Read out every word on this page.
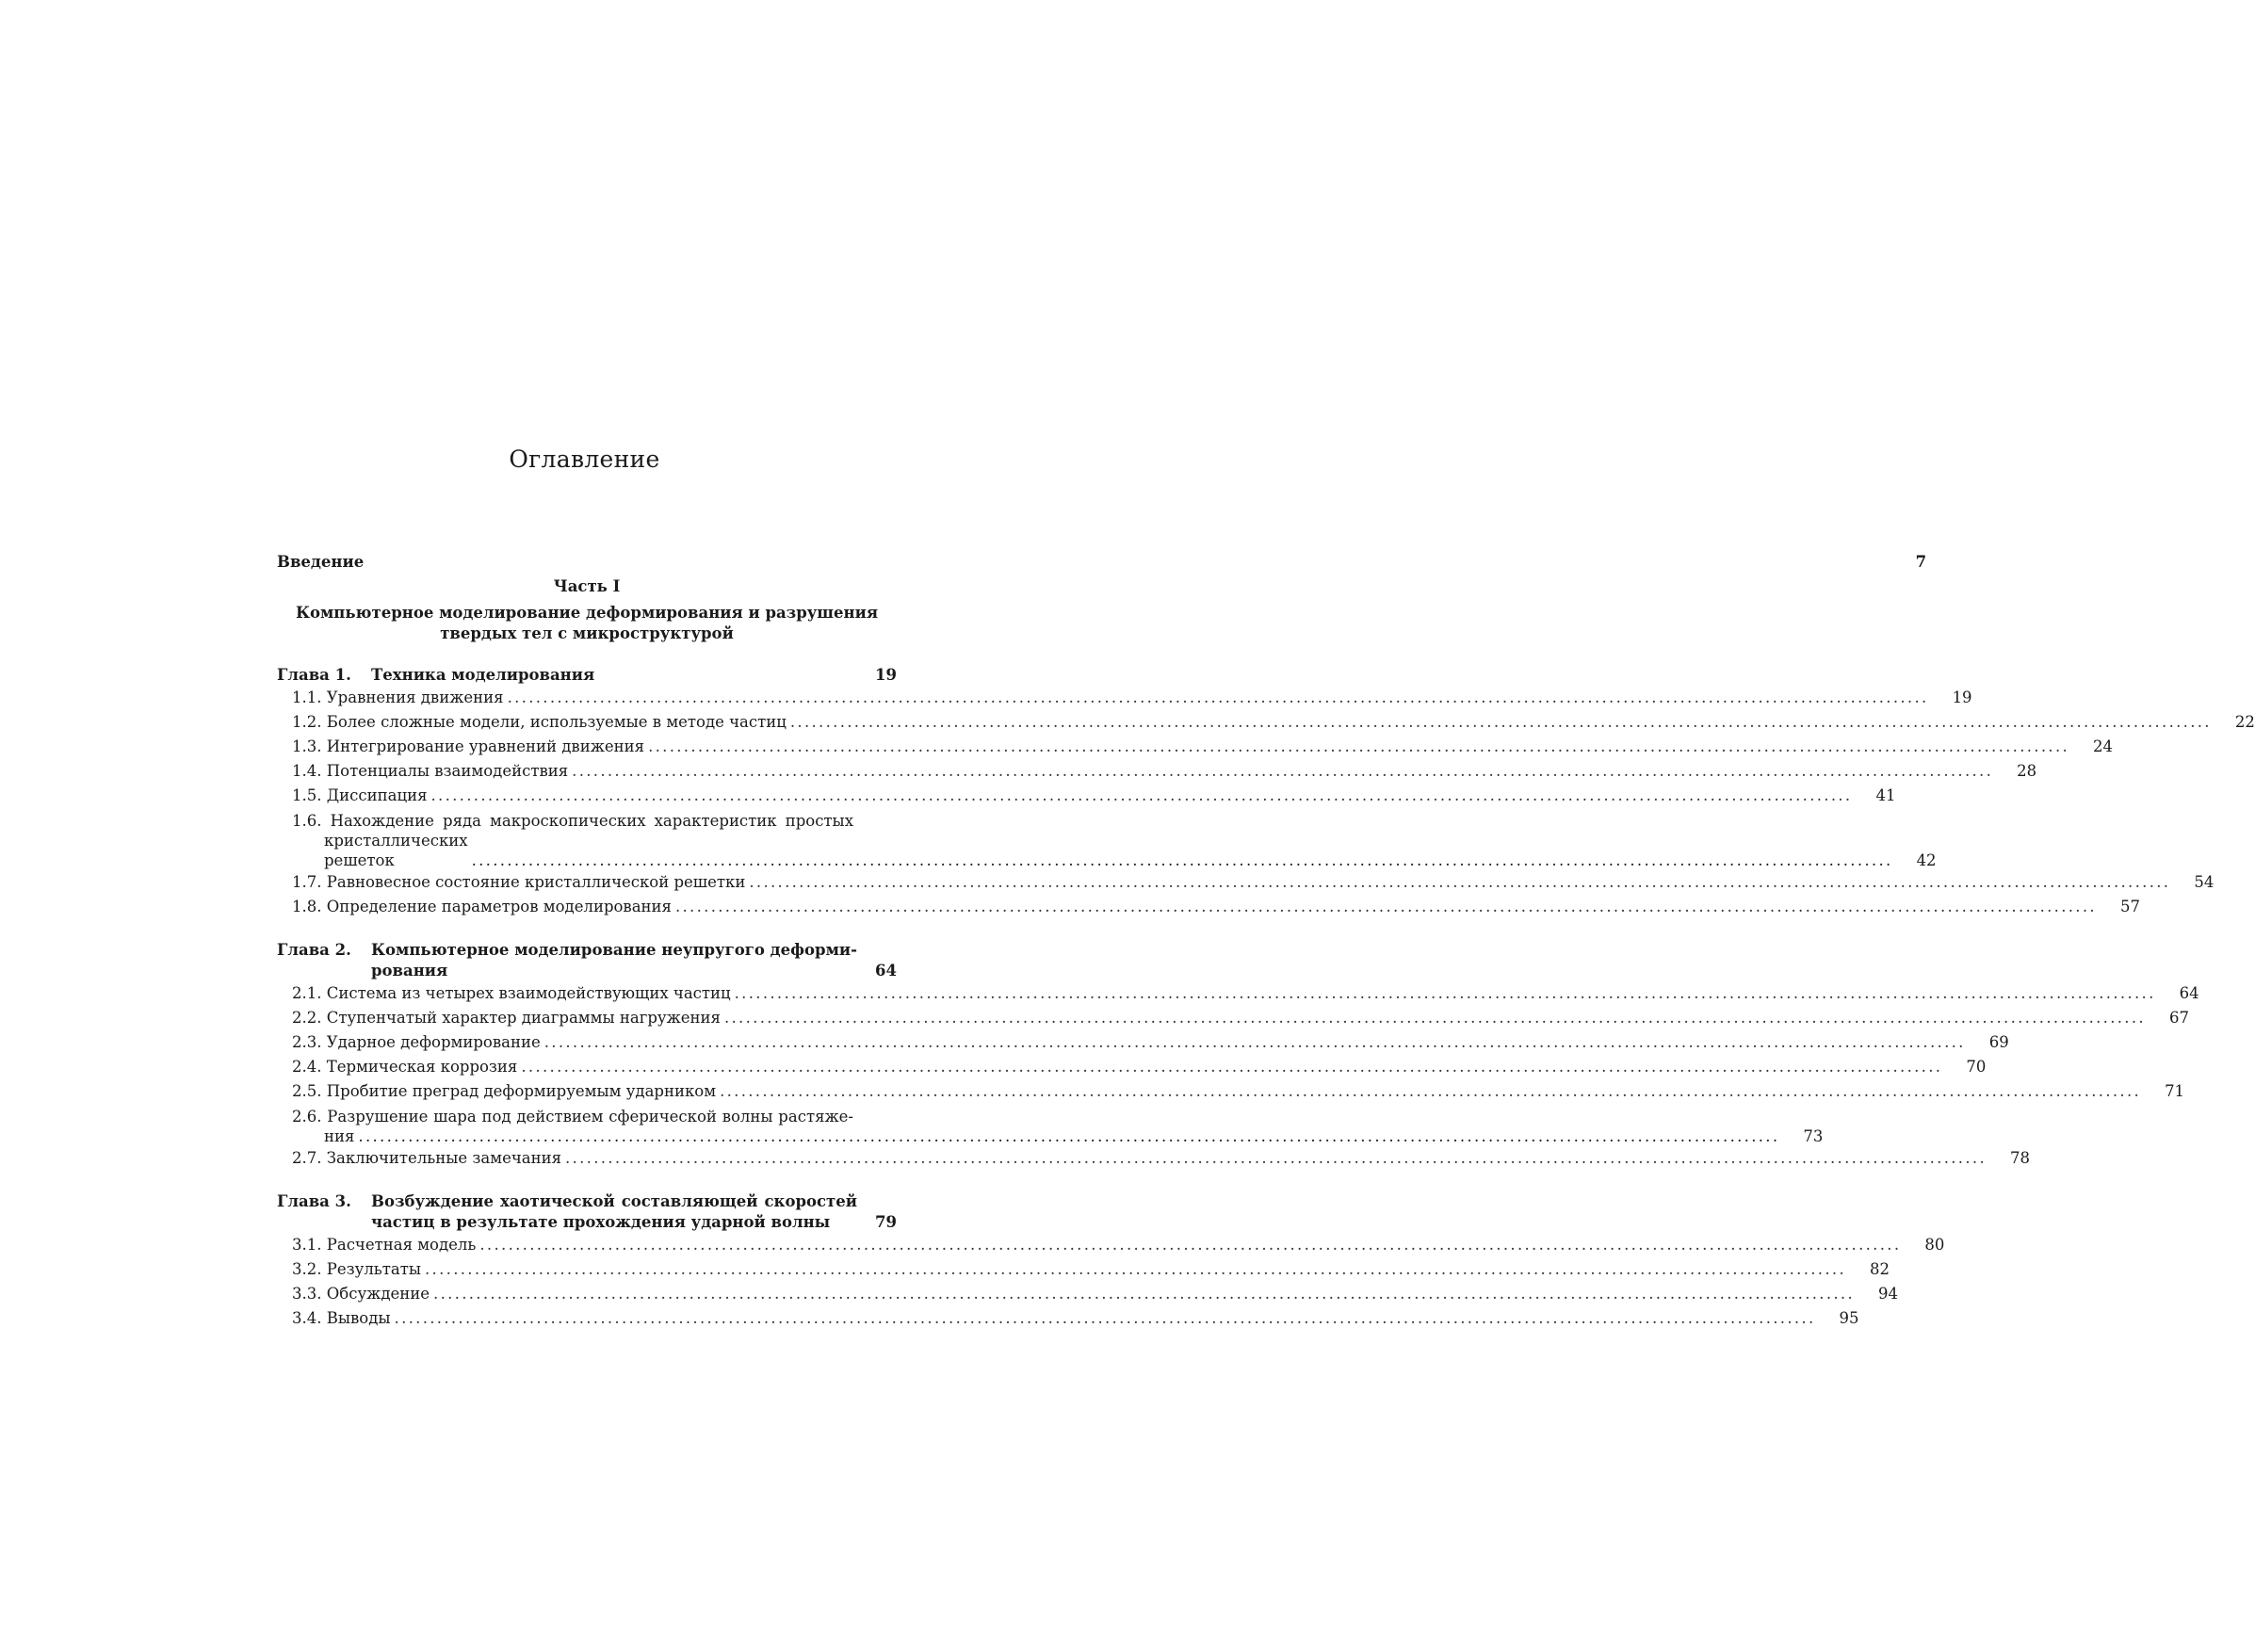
Оглавление
Введение	7
Часть I
Компьютерное моделирование деформирования и разрушения твердых тел с микроструктурой
Глава 1.	Техника моделирования	19
1.1. Уравнения движения ........................................................................................................................................................................................................	19
1.2. Более сложные модели, используемые в методе частиц ........................................................................................................................................................................................................	22
1.3. Интегрирование уравнений движения ........................................................................................................................................................................................................	24
1.4. Потенциалы взаимодействия ........................................................................................................................................................................................................	28
1.5. Диссипация ........................................................................................................................................................................................................	41
1.6. Нахождение ряда макроскопических характеристик простых
кристаллических решеток	........................................................................................................................................................................................................	42
1.7. Равновесное состояние кристаллической решетки ........................................................................................................................................................................................................	54
1.8. Определение параметров моделирования ........................................................................................................................................................................................................	57
Глава 2.	Компьютерное моделирование неупругого деформи-
рования	64
2.1. Система из четырех взаимодействующих частиц ........................................................................................................................................................................................................	64
2.2. Ступенчатый характер диаграммы нагружения ........................................................................................................................................................................................................	67
2.3. Ударное деформирование ........................................................................................................................................................................................................	69
2.4. Термическая коррозия ........................................................................................................................................................................................................	70
2.5. Пробитие преград деформируемым ударником ........................................................................................................................................................................................................	71
2.6. Разрушение шара под действием сферической волны растяже-
ния ........................................................................................................................................................................................................	73
2.7. Заключительные замечания ........................................................................................................................................................................................................	78
Глава 3.	Возбуждение хаотической составляющей скоростей
частиц в результате прохождения ударной волны	79
3.1. Расчетная модель ........................................................................................................................................................................................................	80
3.2. Результаты ........................................................................................................................................................................................................	82
3.3. Обсуждение ........................................................................................................................................................................................................	94
3.4. Выводы ........................................................................................................................................................................................................	95
